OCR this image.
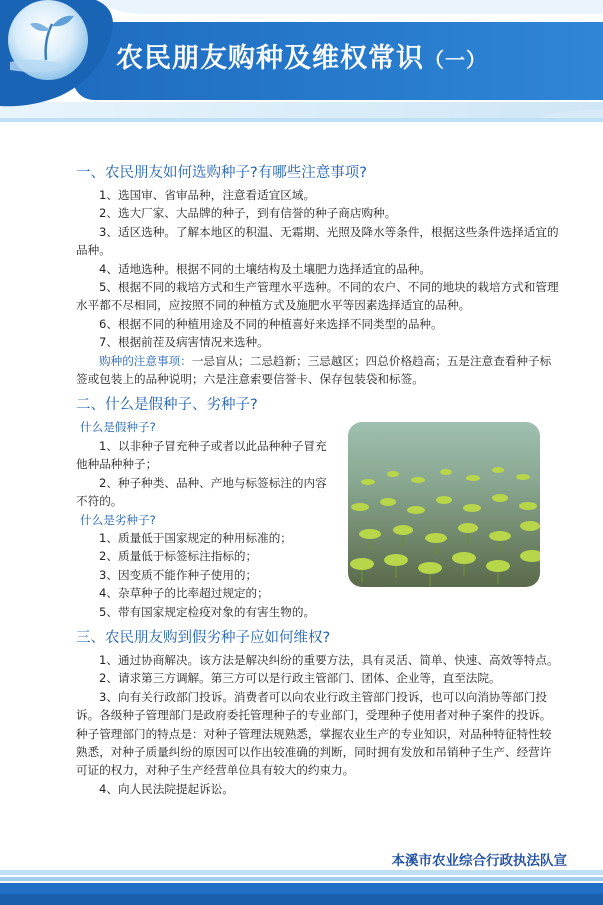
农民朋友购种及维权常识（一）
一、农民朋友如何选购种子?有哪些注意事项?

1、选国审、省审品种，注意看适宜区域。

2、选大厂家、大品牌的种子，到有信誉的种子商店购种。

3、适区选种。了解本地区的积温、无霜期、光照及降水等条件，根据这些条件选择适宜的品种。

4、适地选种。根据不同的土壤结构及土壤肥力选择适宜的品种。

5、根据不同的栽培方式和生产管理水平选种。不同的农户、不同的地块的栽培方式和管理水平都不尽相同，应按照不同的种植方式及施肥水平等因素选择适宜的品种。

6、根据不同的种植用途及不同的种植喜好来选择不同类型的品种。

7、根据前茬及病害情况来选种。

购种的注意事项：一忌盲从；二忌趋新；三忌越区；四总价格趋高；五是注意查看种子标签或包装上的品种说明；六是注意索要信誉卡、保存包装袋和标签。

二、什么是假种子、劣种子?
什么是假种子?

1、以非种子冒充种子或者以此品种种子冒充他种品种种子；

2、种子种类、品种、产地与标签标注的内容不符的。

什么是劣种子?

1、质量低于国家规定的种用标准的；

2、质量低于标签标注指标的；

3、因变质不能作种子使用的；

4、杂草种子的比率超过规定的；

5、带有国家规定检疫对象的有害生物的。

三、农民朋友购到假劣种子应如何维权?

1、通过协商解决。该方法是解决纠纷的重要方法，具有灵活、简单、快速、高效等特点。

2、请求第三方调解。第三方可以是行政主管部门、团体、企业等，直至法院。

3、向有关行政部门投诉。消费者可以向农业行政主管部门投诉，也可以向消协等部门投诉。各级种子管理部门是政府委托管理种子的专业部门，受理种子使用者对种子案件的投诉。种子管理部门的特点是：对种子管理法规熟悉，掌握农业生产的专业知识，对品种特征特性较熟悉，对种子质量纠纷的原因可以作出较准确的判断，同时拥有发放和吊销种子生产、经营许可证的权力，对种子生产经营单位具有较大的约束力。

4、向人民法院提起诉讼。

本溪市农业综合行政执法队宣
